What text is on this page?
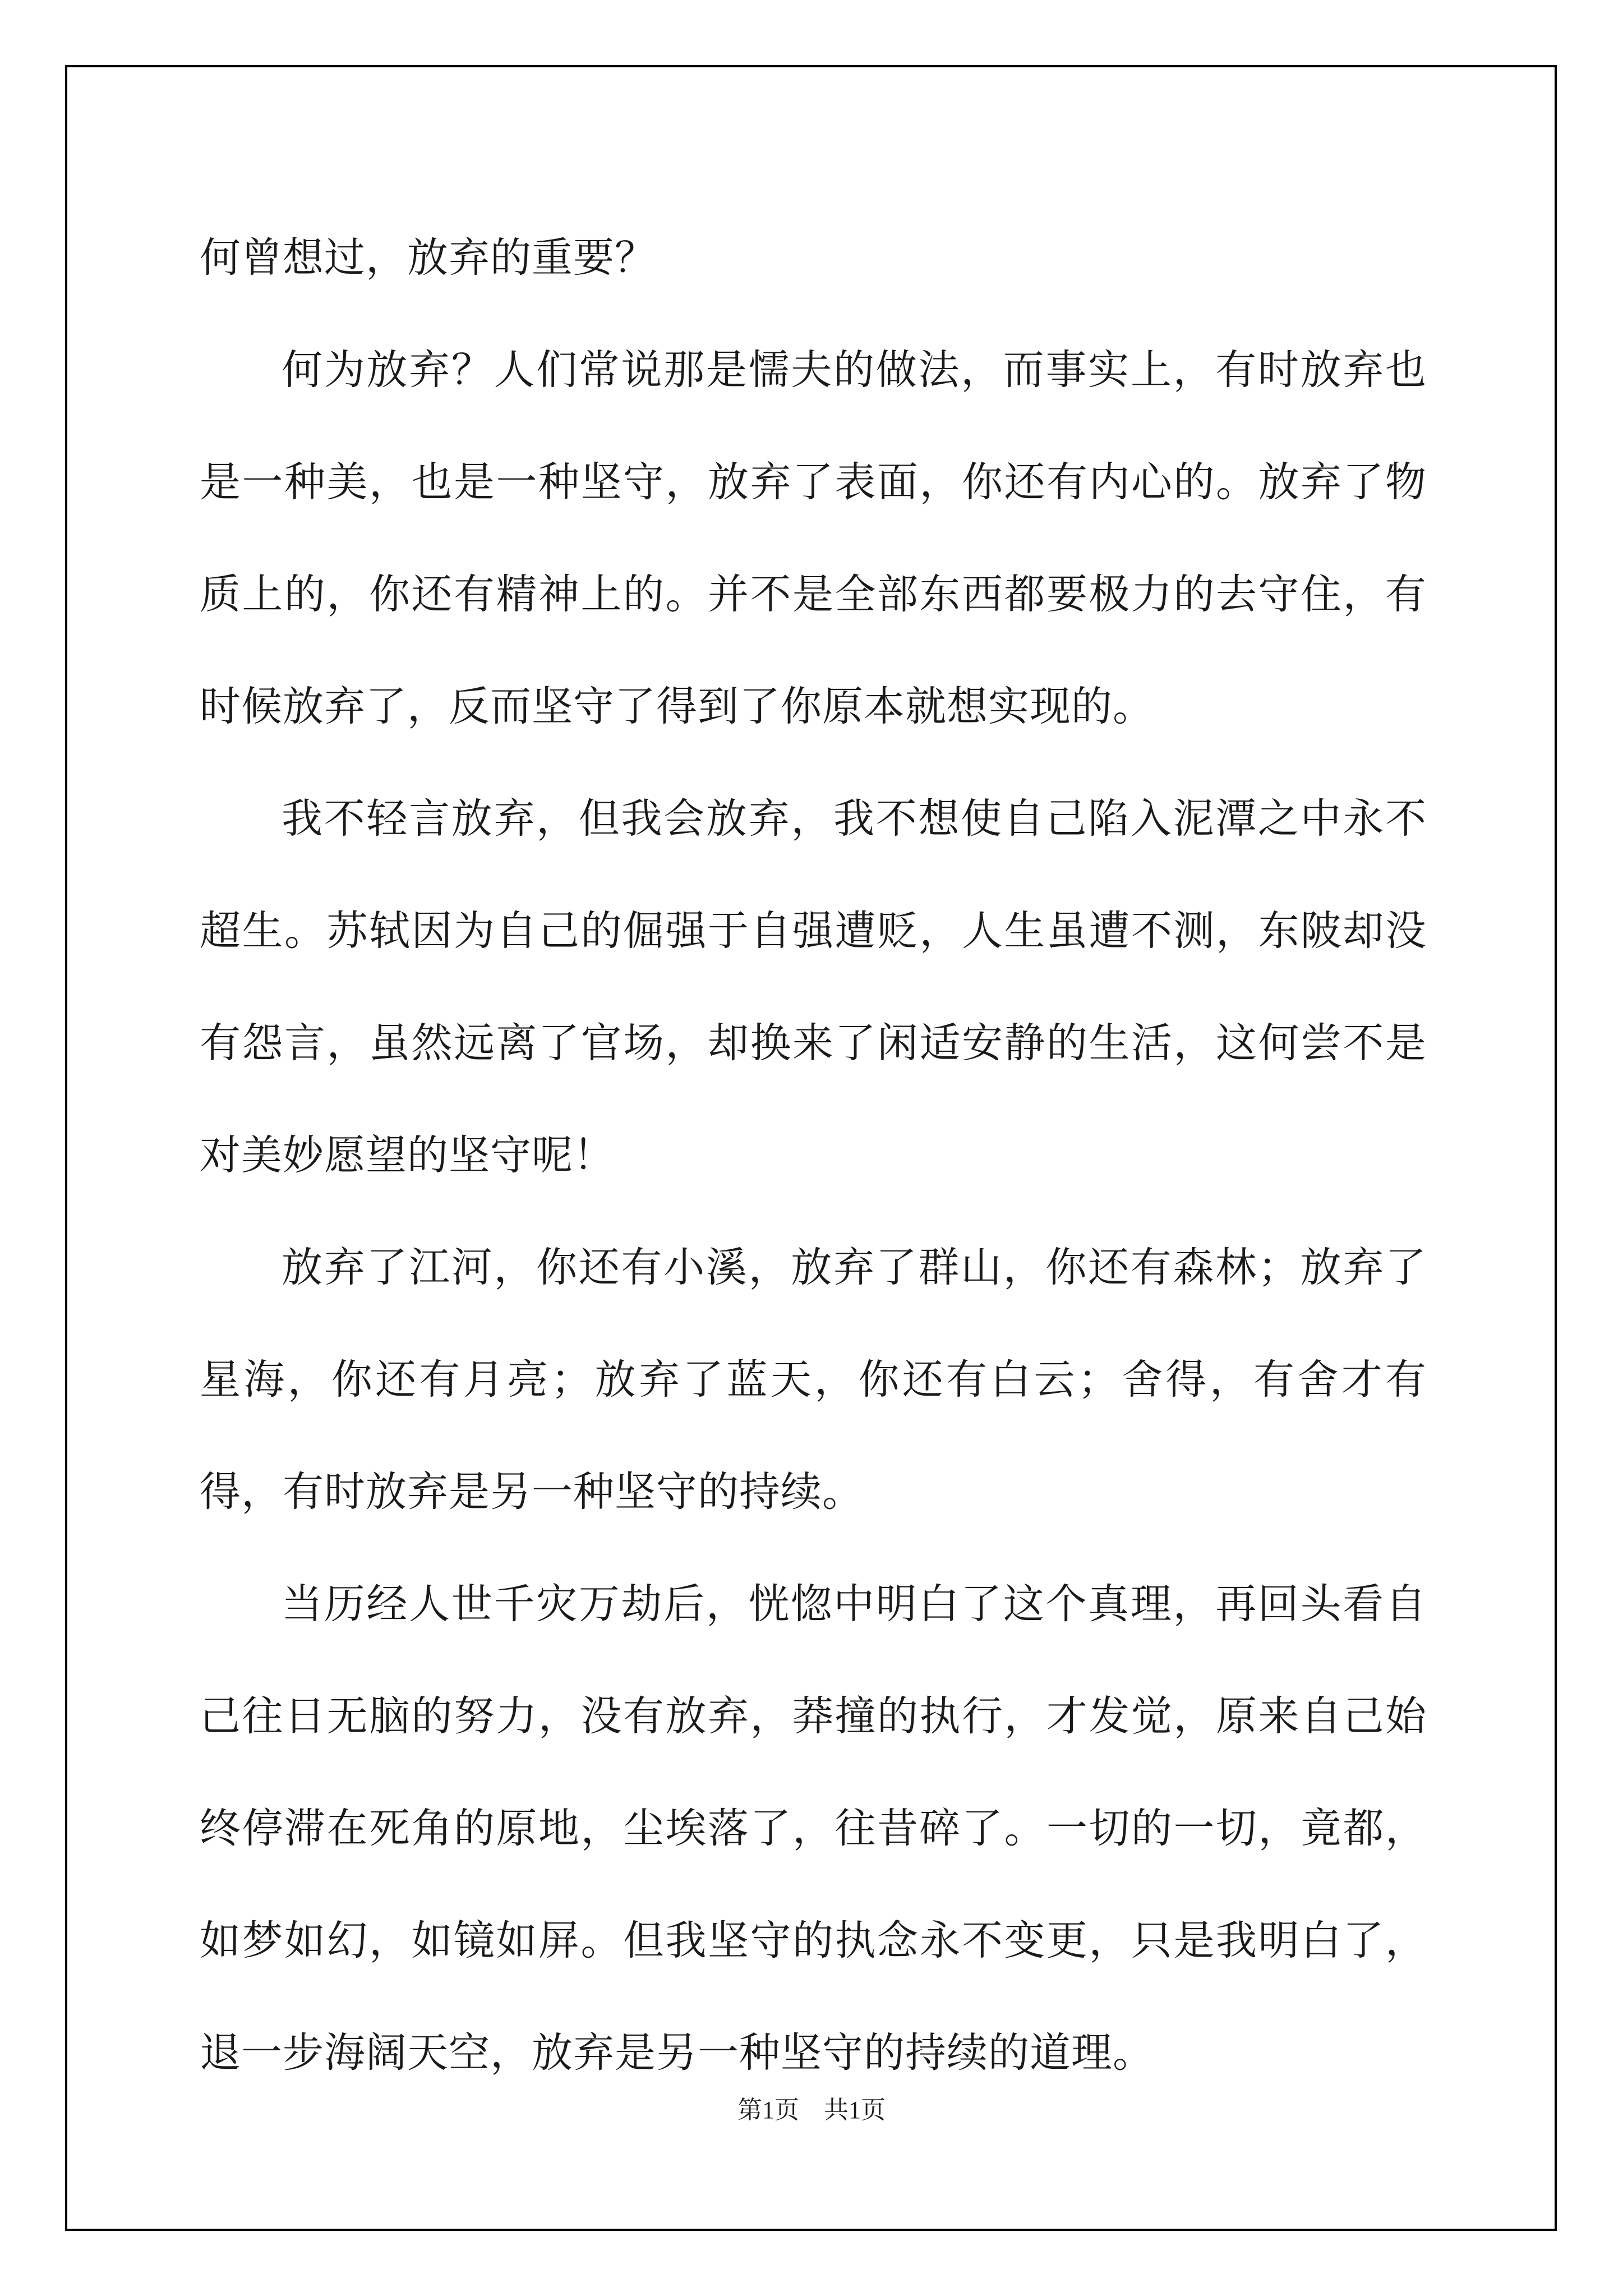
何曾想过，放弃的重要？

何为放弃？人们常说那是懦夫的做法，而事实上，有时放弃也是一种美，也是一种坚守，放弃了表面，你还有内心的。放弃了物质上的，你还有精神上的。并不是全部东西都要极力的去守住，有时候放弃了，反而坚守了得到了你原本就想实现的。

我不轻言放弃，但我会放弃，我不想使自己陷入泥潭之中永不超生。苏轼因为自己的倔强于自强遭贬，人生虽遭不测，东陂却没有怨言，虽然远离了官场，却换来了闲适安静的生活，这何尝不是对美妙愿望的坚守呢！

放弃了江河，你还有小溪，放弃了群山，你还有森林；放弃了星海，你还有月亮；放弃了蓝天，你还有白云；舍得，有舍才有得，有时放弃是另一种坚守的持续。

当历经人世千灾万劫后，恍惚中明白了这个真理，再回头看自己往日无脑的努力，没有放弃，莽撞的执行，才发觉，原来自己始终停滞在死角的原地，尘埃落了，往昔碎了。一切的一切，竟都，如梦如幻，如镜如屏。但我坚守的执念永不变更，只是我明白了，退一步海阔天空，放弃是另一种坚守的持续的道理。

第1页　共1页
